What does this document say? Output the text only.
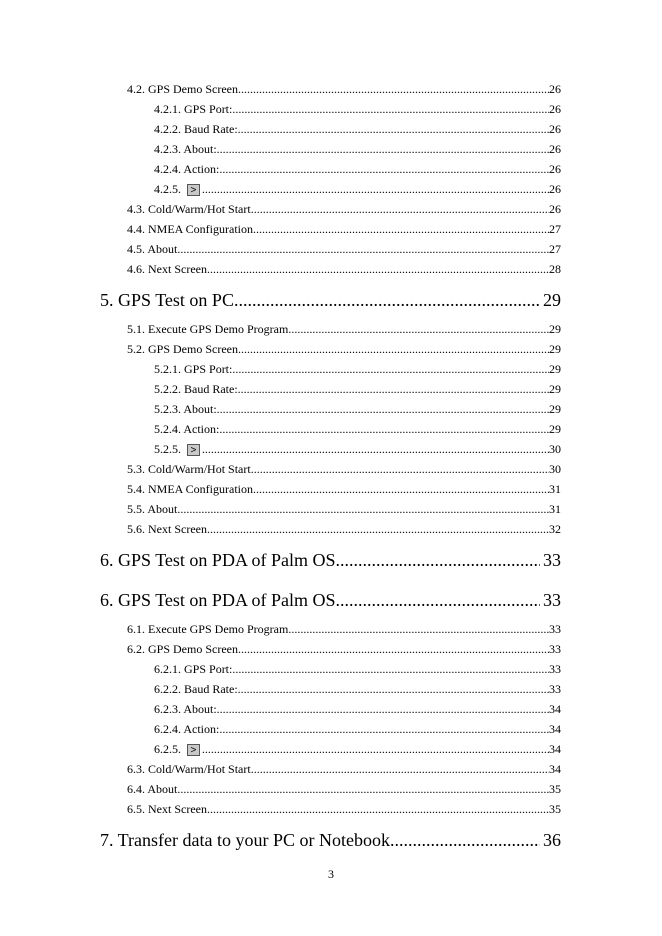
4.2. GPS Demo Screen .....	26
4.2.1. GPS Port: .....	26
4.2.2. Baud Rate: .....	26
4.2.3. About: .....	26
4.2.4. Action: .....	26
4.2.5. > .....	26
4.3. Cold/Warm/Hot Start .....	26
4.4. NMEA Configuration .....	27
4.5. About .....	27
4.6. Next Screen .....	28
5. GPS Test on PC .....	29
5.1. Execute GPS Demo Program .....	29
5.2. GPS Demo Screen .....	29
5.2.1. GPS Port: .....	29
5.2.2. Baud Rate: .....	29
5.2.3. About: .....	29
5.2.4. Action: .....	29
5.2.5. > .....	30
5.3. Cold/Warm/Hot Start .....	30
5.4. NMEA Configuration .....	31
5.5. About .....	31
5.6. Next Screen .....	32
6. GPS Test on PDA of Palm OS .....	33
6. GPS Test on PDA of Palm OS .....	33
6.1. Execute GPS Demo Program .....	33
6.2. GPS Demo Screen .....	33
6.2.1. GPS Port: .....	33
6.2.2. Baud Rate: .....	33
6.2.3. About: .....	34
6.2.4. Action: .....	34
6.2.5. > .....	34
6.3. Cold/Warm/Hot Start .....	34
6.4. About .....	35
6.5. Next Screen .....	35
7. Transfer data to your PC or Notebook .....	36
3
